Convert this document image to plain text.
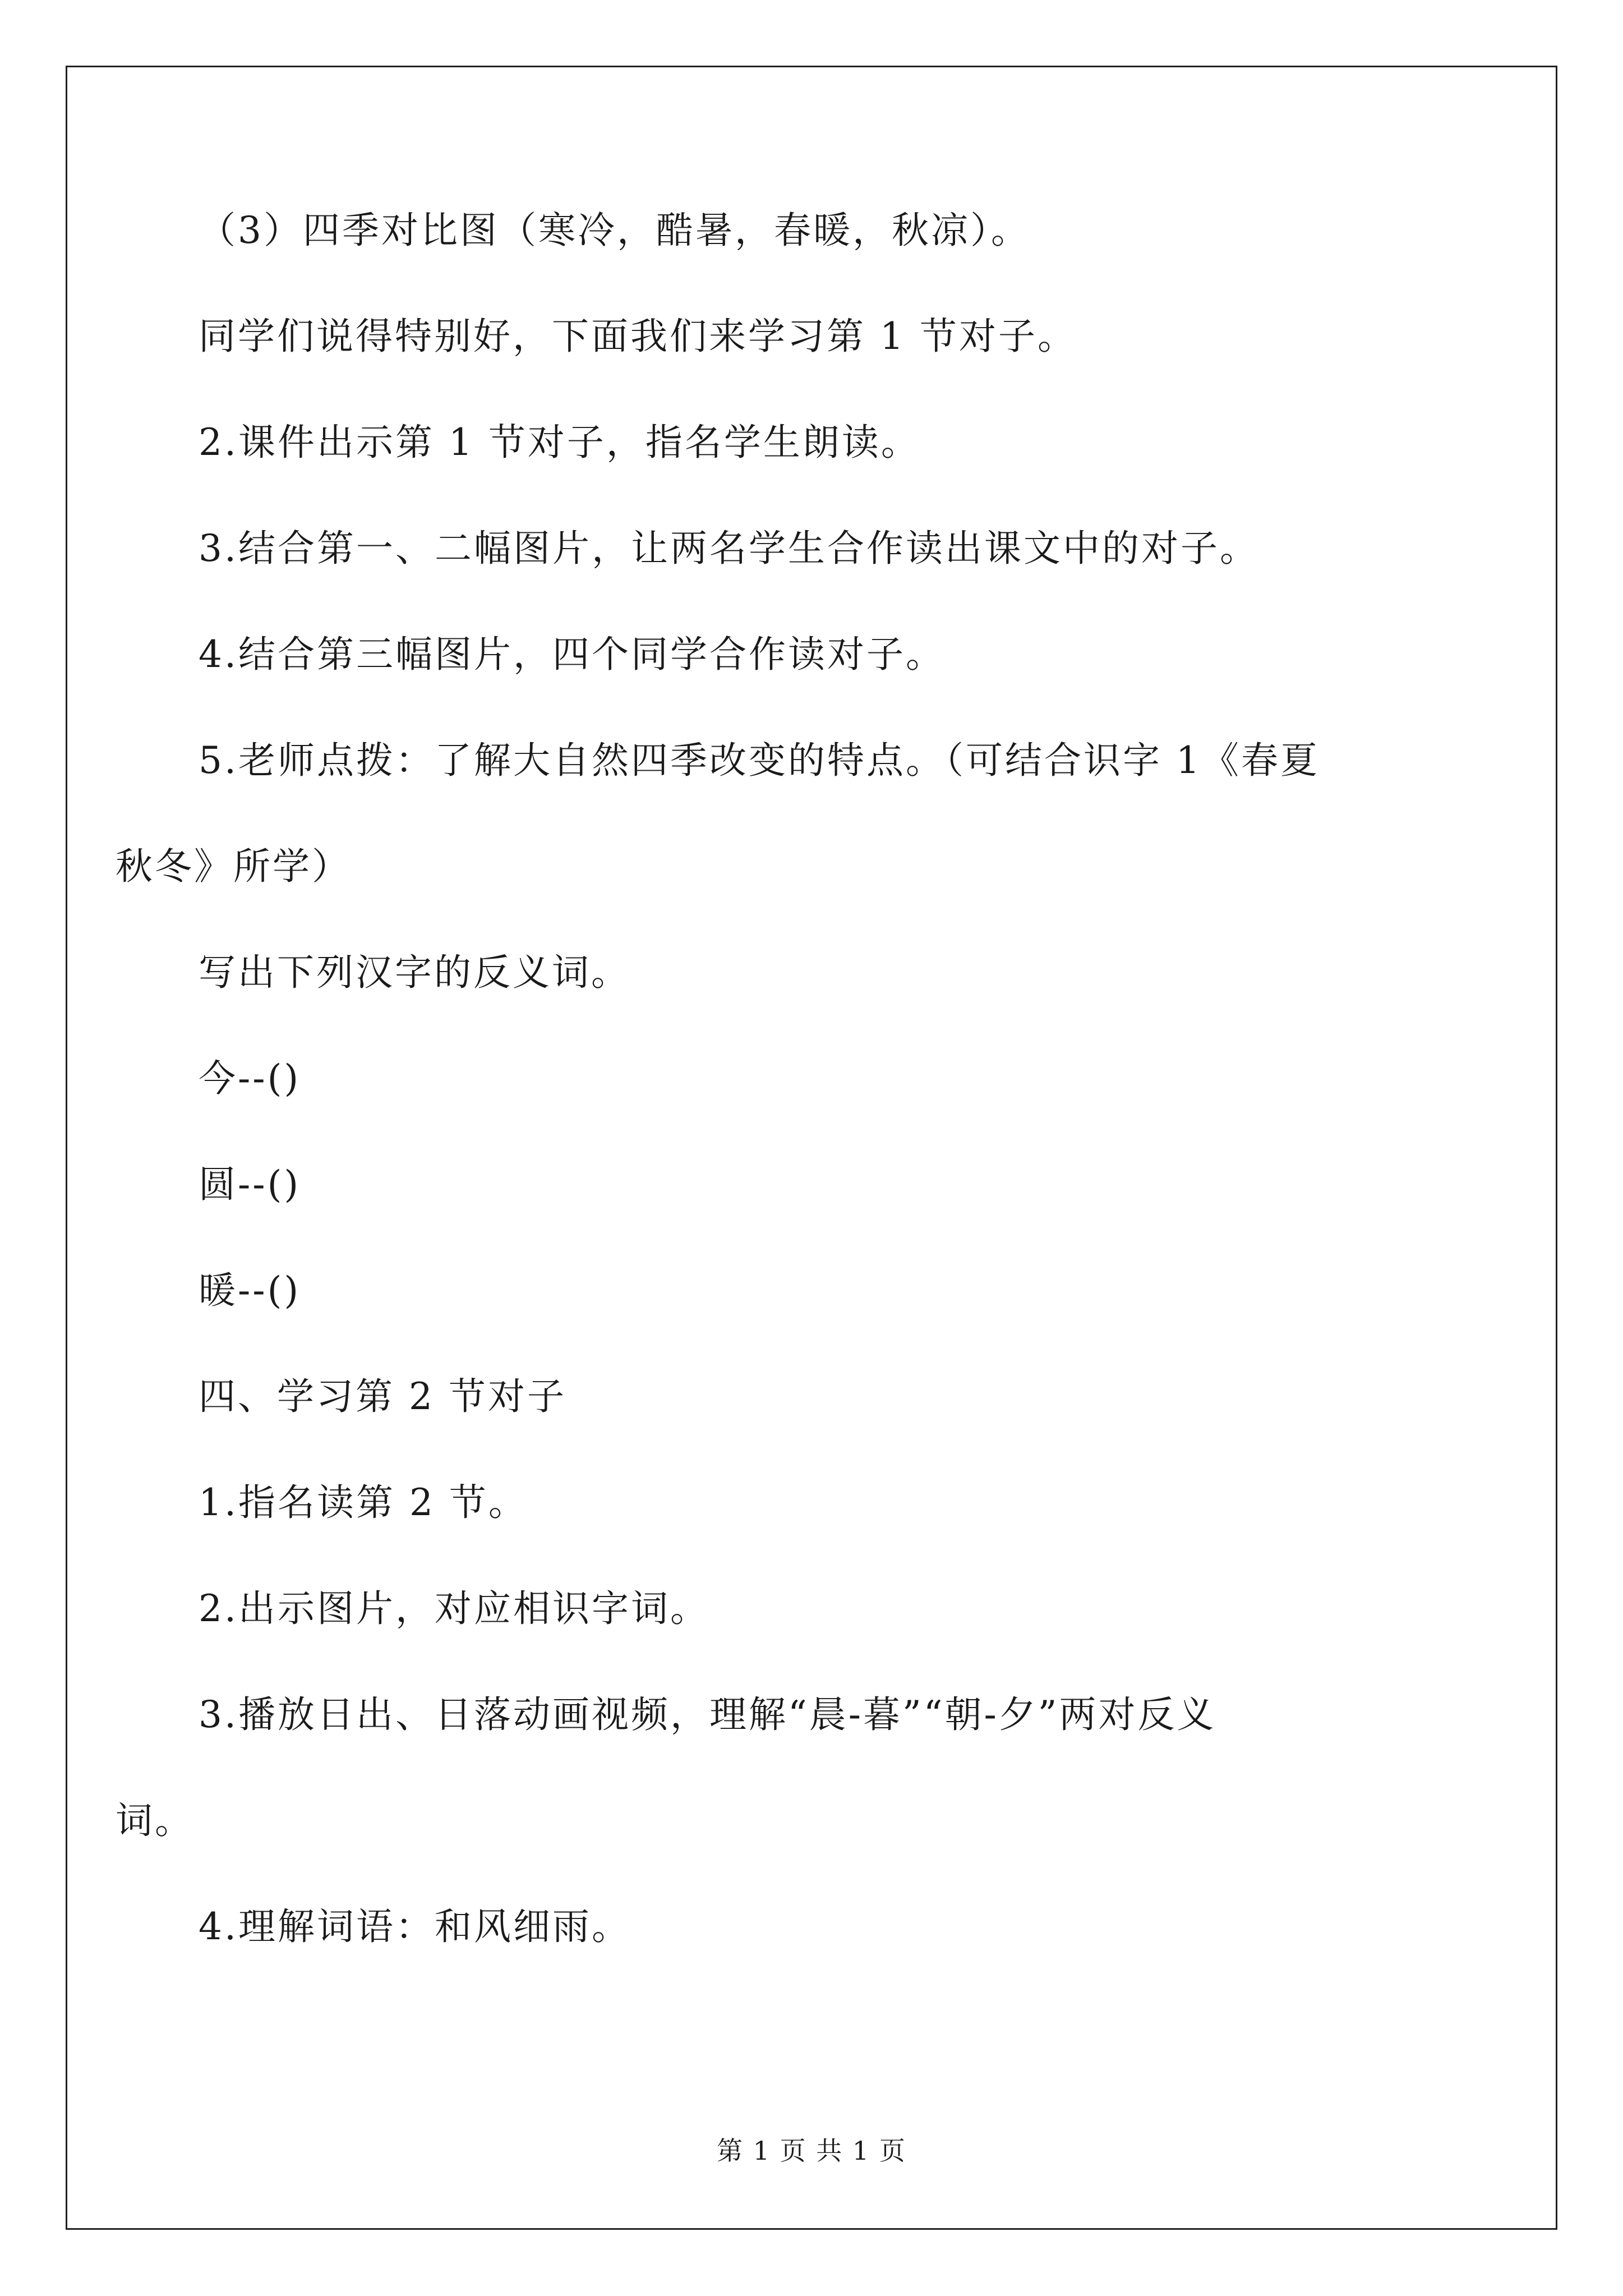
（3）四季对比图（寒冷，酷暑，春暖，秋凉）。

同学们说得特别好，下面我们来学习第 1 节对子。

2.课件出示第 1 节对子，指名学生朗读。

3.结合第一、二幅图片，让两名学生合作读出课文中的对子。

4.结合第三幅图片，四个同学合作读对子。

5.老师点拨：了解大自然四季改变的特点。（可结合识字 1《春夏

秋冬》所学）

写出下列汉字的反义词。

今--()

圆--()

暖--()

四、学习第 2 节对子

1.指名读第 2 节。

2.出示图片，对应相识字词。

3.播放日出、日落动画视频，理解“晨-暮”“朝-夕”两对反义

词。

4.理解词语：和风细雨。

第 1 页 共 1 页
